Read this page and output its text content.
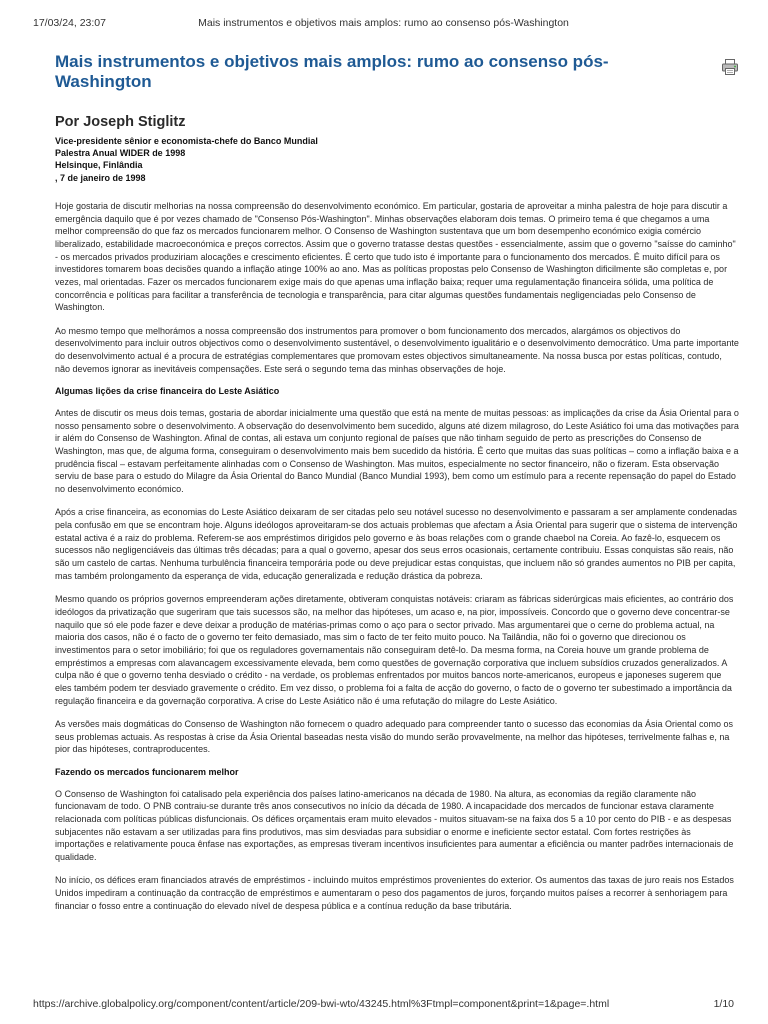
17/03/24, 23:07	Mais instrumentos e objetivos mais amplos: rumo ao consenso pós-Washington
Mais instrumentos e objetivos mais amplos: rumo ao consenso pós-Washington
Por Joseph Stiglitz
Vice-presidente sênior e economista-chefe do Banco Mundial
Palestra Anual WIDER de 1998
Helsinque, Finlândia
, 7 de janeiro de 1998

Hoje gostaria de discutir melhorias na nossa compreensão do desenvolvimento económico. Em particular, gostaria de aproveitar a minha palestra de hoje para discutir a emergência daquilo que é por vezes chamado de "Consenso Pós-Washington". Minhas observações elaboram dois temas. O primeiro tema é que chegamos a uma melhor compreensão do que faz os mercados funcionarem melhor. O Consenso de Washington sustentava que um bom desempenho económico exigia comércio liberalizado, estabilidade macroeconómica e preços correctos. Assim que o governo tratasse destas questões - essencialmente, assim que o governo "saísse do caminho" - os mercados privados produziriam alocações e crescimento eficientes. É certo que tudo isto é importante para o funcionamento dos mercados. É muito difícil para os investidores tomarem boas decisões quando a inflação atinge 100% ao ano. Mas as políticas propostas pelo Consenso de Washington dificilmente são completas e, por vezes, mal orientadas. Fazer os mercados funcionarem exige mais do que apenas uma inflação baixa; requer uma regulamentação financeira sólida, uma política de concorrência e políticas para facilitar a transferência de tecnologia e transparência, para citar algumas questões fundamentais negligenciadas pelo Consenso de Washington.

Ao mesmo tempo que melhorámos a nossa compreensão dos instrumentos para promover o bom funcionamento dos mercados, alargámos os objectivos do desenvolvimento para incluir outros objectivos como o desenvolvimento sustentável, o desenvolvimento igualitário e o desenvolvimento democrático. Uma parte importante do desenvolvimento actual é a procura de estratégias complementares que promovam estes objectivos simultaneamente. Na nossa busca por estas políticas, contudo, não devemos ignorar as inevitáveis compensações. Este será o segundo tema das minhas observações de hoje.

Algumas lições da crise financeira do Leste Asiático

Antes de discutir os meus dois temas, gostaria de abordar inicialmente uma questão que está na mente de muitas pessoas: as implicações da crise da Ásia Oriental para o nosso pensamento sobre o desenvolvimento. A observação do desenvolvimento bem sucedido, alguns até dizem milagroso, do Leste Asiático foi uma das motivações para ir além do Consenso de Washington. Afinal de contas, ali estava um conjunto regional de países que não tinham seguido de perto as prescrições do Consenso de Washington, mas que, de alguma forma, conseguiram o desenvolvimento mais bem sucedido da história. É certo que muitas das suas políticas – como a inflação baixa e a prudência fiscal – estavam perfeitamente alinhadas com o Consenso de Washington. Mas muitos, especialmente no sector financeiro, não o fizeram. Esta observação serviu de base para o estudo do Milagre da Ásia Oriental do Banco Mundial (Banco Mundial 1993), bem como um estímulo para a recente repensação do papel do Estado no desenvolvimento económico.

Após a crise financeira, as economias do Leste Asiático deixaram de ser citadas pelo seu notável sucesso no desenvolvimento e passaram a ser amplamente condenadas pela confusão em que se encontram hoje. Alguns ideólogos aproveitaram-se dos actuais problemas que afectam a Ásia Oriental para sugerir que o sistema de intervenção estatal activa é a raiz do problema. Referem-se aos empréstimos dirigidos pelo governo e às boas relações com o grande chaebol na Coreia. Ao fazê-lo, esquecem os sucessos não negligenciáveis das últimas três décadas; para a qual o governo, apesar dos seus erros ocasionais, certamente contribuiu. Essas conquistas são reais, não são um castelo de cartas. Nenhuma turbulência financeira temporária pode ou deve prejudicar estas conquistas, que incluem não só grandes aumentos no PIB per capita, mas também prolongamento da esperança de vida, educação generalizada e redução drástica da pobreza.

Mesmo quando os próprios governos empreenderam ações diretamente, obtiveram conquistas notáveis: criaram as fábricas siderúrgicas mais eficientes, ao contrário dos ideólogos da privatização que sugeriram que tais sucessos são, na melhor das hipóteses, um acaso e, na pior, impossíveis. Concordo que o governo deve concentrar-se naquilo que só ele pode fazer e deve deixar a produção de matérias-primas como o aço para o sector privado. Mas argumentarei que o cerne do problema actual, na maioria dos casos, não é o facto de o governo ter feito demasiado, mas sim o facto de ter feito muito pouco. Na Tailândia, não foi o governo que direcionou os investimentos para o setor imobiliário; foi que os reguladores governamentais não conseguiram detê-lo. Da mesma forma, na Coreia houve um grande problema de empréstimos a empresas com alavancagem excessivamente elevada, bem como questões de governação corporativa que incluem subsídios cruzados generalizados. A culpa não é que o governo tenha desviado o crédito - na verdade, os problemas enfrentados por muitos bancos norte-americanos, europeus e japoneses sugerem que eles também podem ter desviado gravemente o crédito. Em vez disso, o problema foi a falta de acção do governo, o facto de o governo ter subestimado a importância da regulação financeira e da governação corporativa. A crise do Leste Asiático não é uma refutação do milagre do Leste Asiático.

As versões mais dogmáticas do Consenso de Washington não fornecem o quadro adequado para compreender tanto o sucesso das economias da Ásia Oriental como os seus problemas actuais. As respostas à crise da Ásia Oriental baseadas nesta visão do mundo serão provavelmente, na melhor das hipóteses, terrivelmente falhas e, na pior das hipóteses, contraproducentes.

Fazendo os mercados funcionarem melhor

O Consenso de Washington foi catalisado pela experiência dos países latino-americanos na década de 1980. Na altura, as economias da região claramente não funcionavam de todo. O PNB contraiu-se durante três anos consecutivos no início da década de 1980. A incapacidade dos mercados de funcionar estava claramente relacionada com políticas públicas disfuncionais. Os défices orçamentais eram muito elevados - muitos situavam-se na faixa dos 5 a 10 por cento do PIB - e as despesas subjacentes não estavam a ser utilizadas para fins produtivos, mas sim desviadas para subsidiar o enorme e ineficiente sector estatal. Com fortes restrições às importações e relativamente pouca ênfase nas exportações, as empresas tiveram incentivos insuficientes para aumentar a eficiência ou manter padrões internacionais de qualidade.

No início, os défices eram financiados através de empréstimos - incluindo muitos empréstimos provenientes do exterior. Os aumentos das taxas de juro reais nos Estados Unidos impediram a continuação da contracção de empréstimos e aumentaram o peso dos pagamentos de juros, forçando muitos países a recorrer à senhoriagem para financiar o fosso entre a continuação do elevado nível de despesa pública e a contínua redução da base tributária.

https://archive.globalpolicy.org/component/content/article/209-bwi-wto/43245.html%3Ftmpl=component&print=1&page=.html	1/10
